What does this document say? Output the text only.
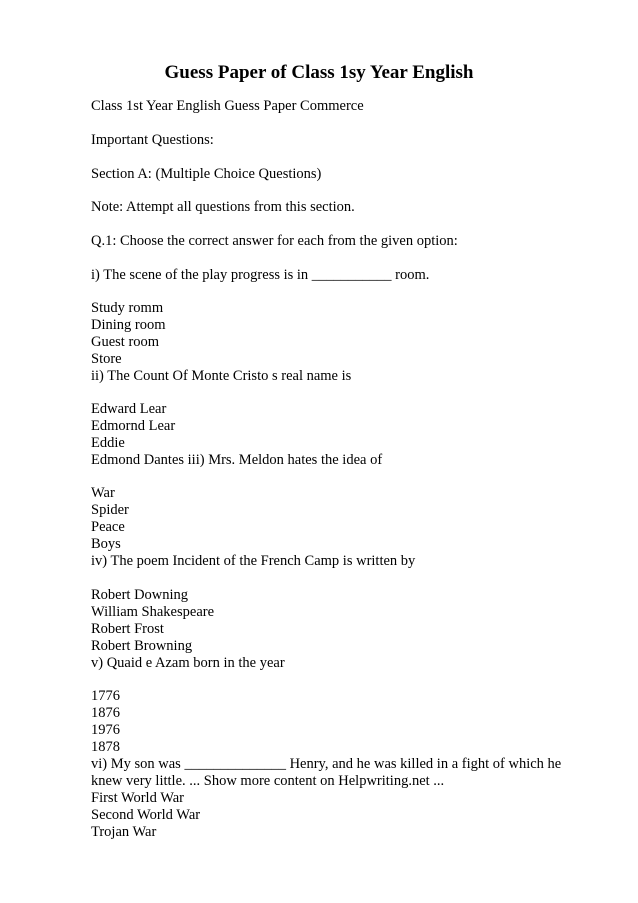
Guess Paper of Class 1sy Year English

Class 1st Year English Guess Paper Commerce

Important Questions:

Section A: (Multiple Choice Questions)

Note: Attempt all questions from this section.

Q.1: Choose the correct answer for each from the given option:

i) The scene of the play progress is in ___________ room.

Study romm

Dining room

Guest room

Store

ii) The Count Of Monte Cristo s real name is

Edward Lear

Edmornd Lear

Eddie

Edmond Dantes iii) Mrs. Meldon hates the idea of

War

Spider

Peace

Boys

iv) The poem Incident of the French Camp is written by

Robert Downing

William Shakespeare

Robert Frost

Robert Browning

v) Quaid e Azam born in the year

1776

1876

1976

1878

vi) My son was ______________ Henry, and he was killed in a fight of which he

knew very little. ... Show more content on Helpwriting.net ...

First World War

Second World War

Trojan War
